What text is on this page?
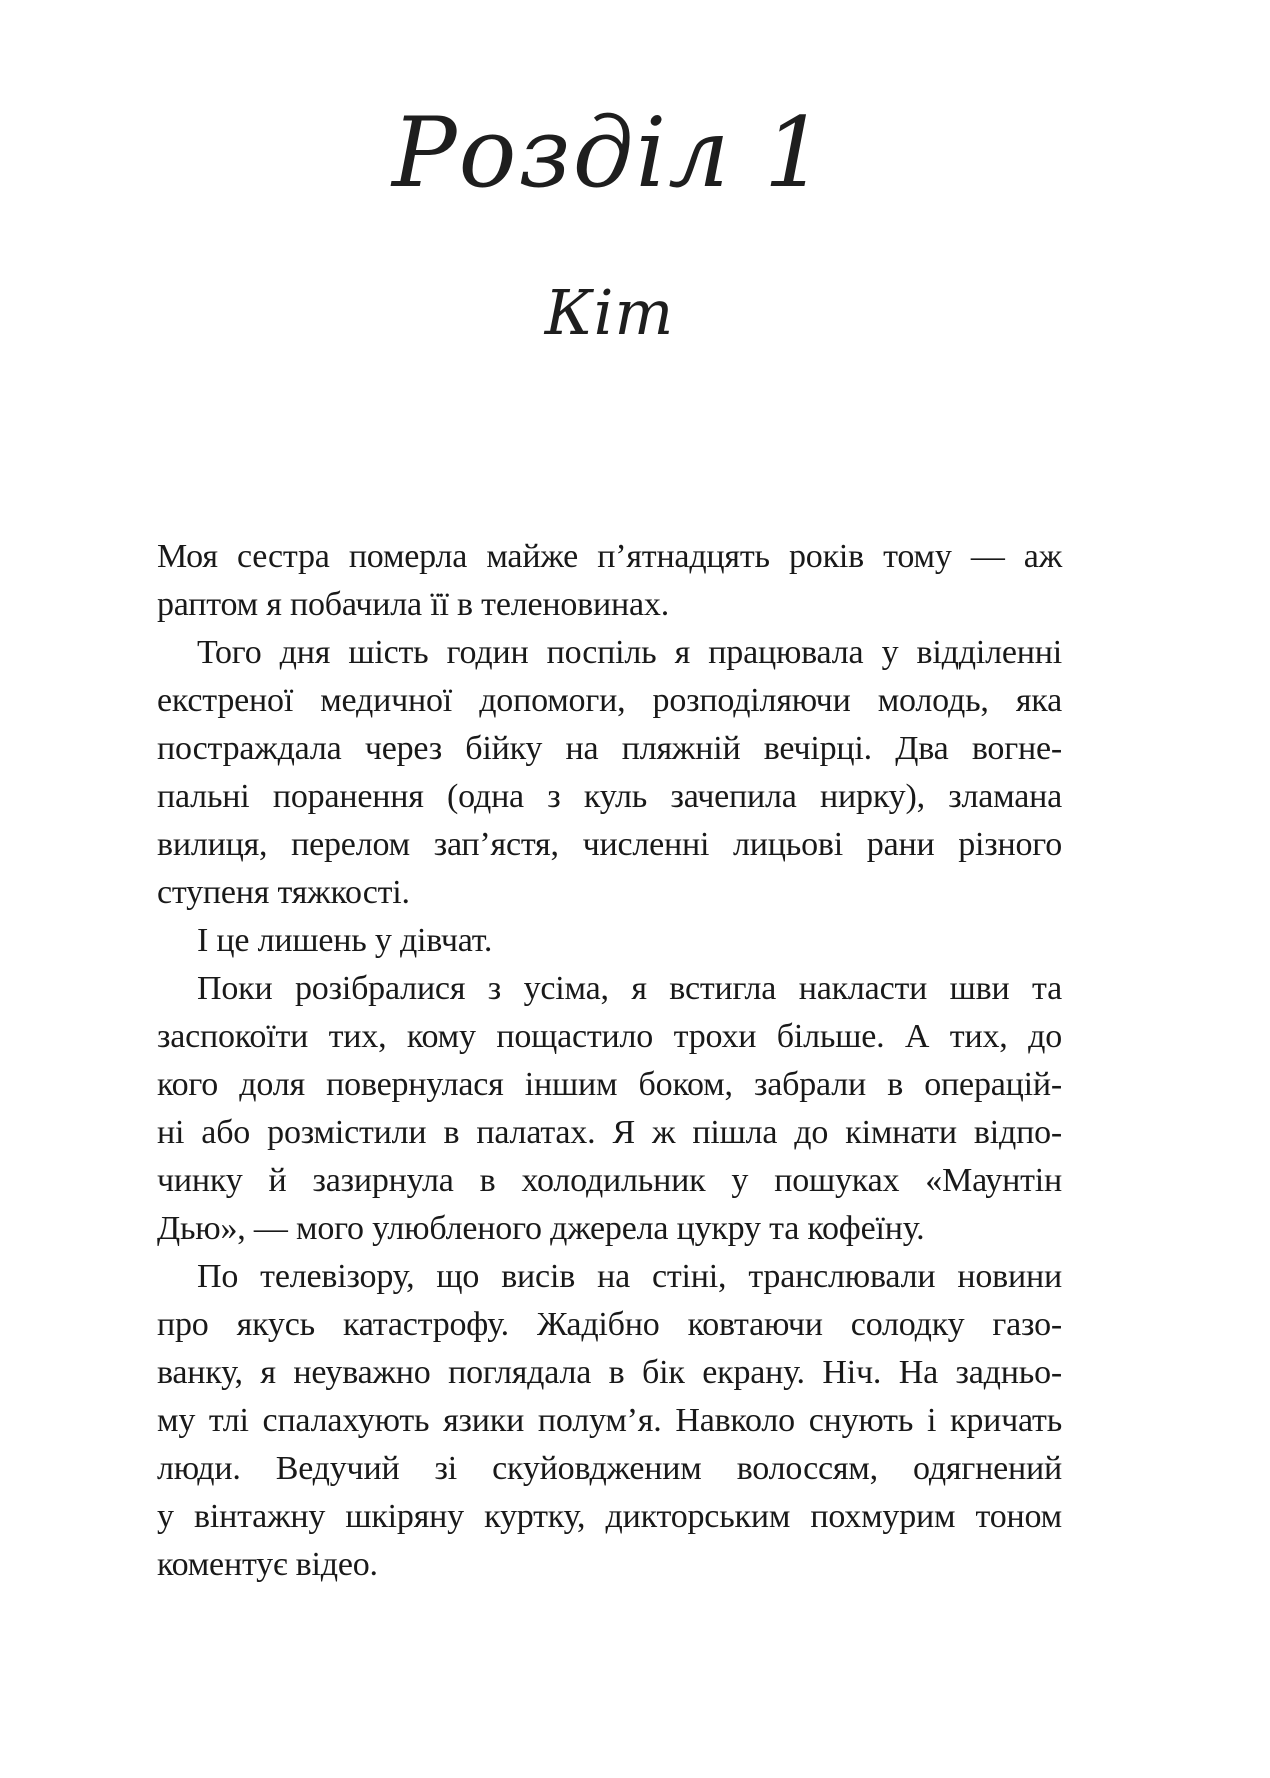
Розділ 1
Кіт
Моя сестра померла майже п’ятнадцять років тому — аж
раптом я побачила її в теленовинах.
Того дня шість годин поспіль я працювала у відділенні
екстреної медичної допомоги, розподіляючи молодь, яка
постраждала через бійку на пляжній вечірці. Два вогне-
пальні поранення (одна з куль зачепила нирку), зламана
вилиця, перелом зап’ястя, численні лицьові рани різного
ступеня тяжкості.
І це лишень у дівчат.
Поки розібралися з усіма, я встигла накласти шви та
заспокоїти тих, кому пощастило трохи більше. А тих, до
кого доля повернулася іншим боком, забрали в операцій-
ні або розмістили в палатах. Я ж пішла до кімнати відпо-
чинку й зазирнула в холодильник у пошуках «Маунтін
Дью», — мого улюбленого джерела цукру та кофеїну.
По телевізору, що висів на стіні, транслювали новини
про якусь катастрофу. Жадібно ковтаючи солодку газо-
ванку, я неуважно поглядала в бік екрану. Ніч. На задньо-
му тлі спалахують язики полум’я. Навколо снують і кричать
люди. Ведучий зі скуйовдженим волоссям, одягнений
у вінтажну шкіряну куртку, дикторським похмурим тоном
коментує відео.
